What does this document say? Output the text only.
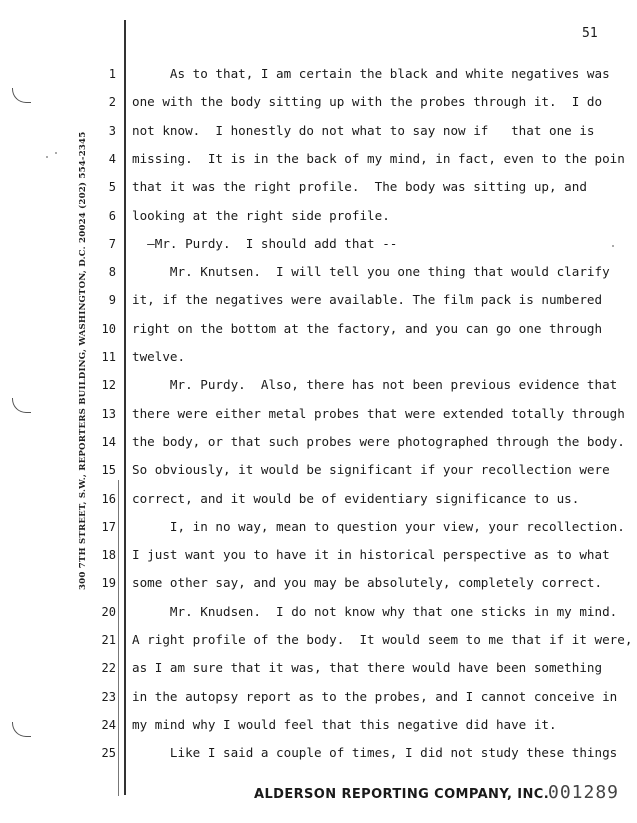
300 7TH STREET, S.W., REPORTERS BUILDING, WASHINGTON, D.C. 20024 (202) 554-2345
51
1 As to that, I am certain the black and white negatives was
2 one with the body sitting up with the probes through it.  I do
3 not know.  I honestly do not what to say now if   that one is
4 missing.  It is in the back of my mind, in fact, even to the poin
5 that it was the right profile.  The body was sitting up, and
6 looking at the right side profile.
7 —Mr. Purdy.  I should add that --
8 Mr. Knutsen.  I will tell you one thing that would clarify
9 it, if the negatives were available. The film pack is numbered
10 right on the bottom at the factory, and you can go one through
11 twelve.
12 Mr. Purdy.  Also, there has not been previous evidence that
13 there were either metal probes that were extended totally through
14 the body, or that such probes were photographed through the body.
15 So obviously, it would be significant if your recollection were
16 correct, and it would be of evidentiary significance to us.
17 I, in no way, mean to question your view, your recollection.
18 I just want you to have it in historical perspective as to what
19 some other say, and you may be absolutely, completely correct.
20 Mr. Knudsen.  I do not know why that one sticks in my mind.
21 A right profile of the body.  It would seem to me that if it were,
22 as I am sure that it was, that there would have been something
23 in the autopsy report as to the probes, and I cannot conceive in
24 my mind why I would feel that this negative did have it.
25 Like I said a couple of times, I did not study these things
ALDERSON REPORTING COMPANY, INC.
001289
